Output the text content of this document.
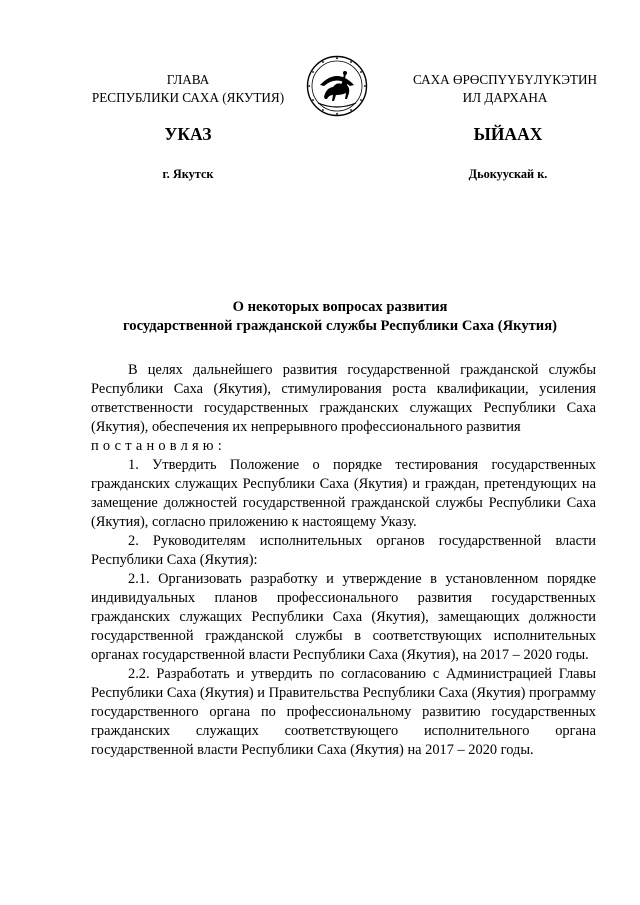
ГЛАВА
РЕСПУБЛИКИ САХА (ЯКУТИЯ)
САХА ӨРӨСПҮҮБҮЛҮКЭТИН
ИЛ ДАРХАНА
УКАЗ	ЫЙААХ
г. Якутск	Дьокуускай к.
О некоторых вопросах развития
государственной гражданской службы Республики Саха (Якутия)

В целях дальнейшего развития государственной гражданской службы Республики Саха (Якутия), стимулирования роста квалификации, усиления ответственности государственных гражданских служащих Республики Саха (Якутия), обеспечения их непрерывного профессионального развития

постановляю:

1. Утвердить Положение о порядке тестирования государственных гражданских служащих Республики Саха (Якутия) и граждан, претендующих на замещение должностей государственной гражданской службы Республики Саха (Якутия), согласно приложению к настоящему Указу.

2. Руководителям исполнительных органов государственной власти Республики Саха (Якутия):

2.1. Организовать разработку и утверждение в установленном порядке индивидуальных планов профессионального развития государственных гражданских служащих Республики Саха (Якутия), замещающих должности государственной гражданской службы в соответствующих исполнительных органах государственной власти Республики Саха (Якутия), на 2017 – 2020 годы.

2.2. Разработать и утвердить по согласованию с Администрацией Главы Республики Саха (Якутия) и Правительства Республики Саха (Якутия) программу государственного органа по профессиональному развитию государственных гражданских служащих соответствующего исполнительного органа государственной власти Республики Саха (Якутия) на 2017 – 2020 годы.
